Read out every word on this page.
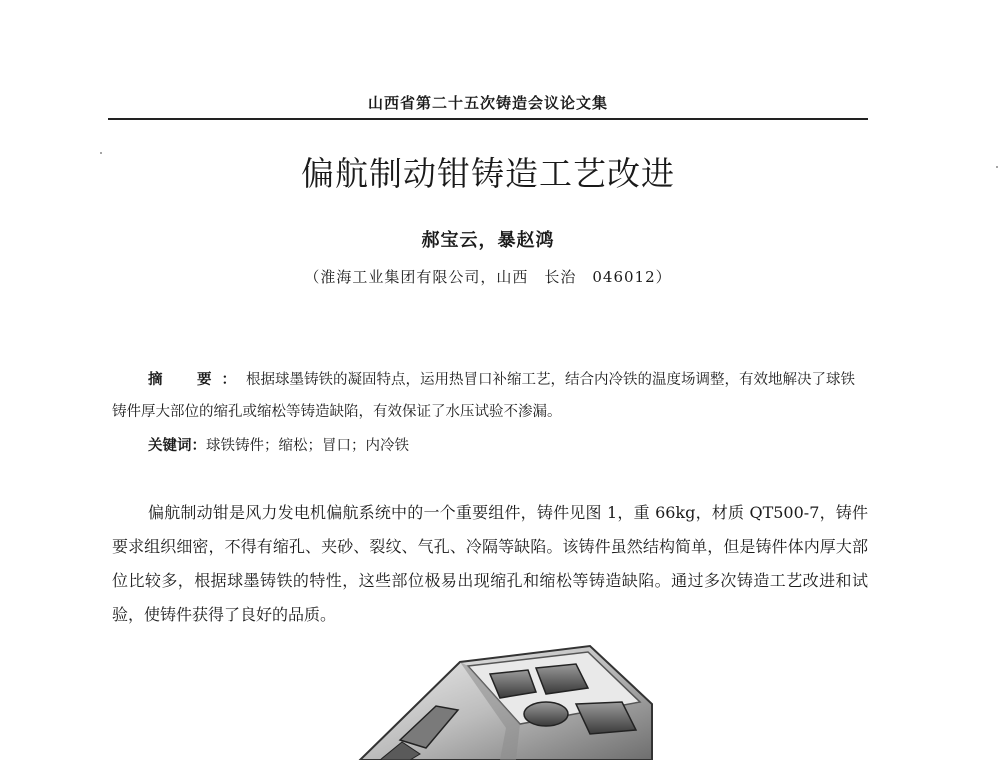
山西省第二十五次铸造会议论文集
偏航制动钳铸造工艺改进
郝宝云，暴赵鸿
（淮海工业集团有限公司，山西　长治　046012）
摘　要：根据球墨铸铁的凝固特点，运用热冒口补缩工艺，结合内冷铁的温度场调整，有效地解决了球铁铸件厚大部位的缩孔或缩松等铸造缺陷，有效保证了水压试验不渗漏。
关键词：球铁铸件；缩松；冒口；内冷铁
偏航制动钳是风力发电机偏航系统中的一个重要组件，铸件见图 1，重 66kg，材质 QT500-7，铸件要求组织细密，不得有缩孔、夹砂、裂纹、气孔、冷隔等缺陷。该铸件虽然结构简单，但是铸件体内厚大部位比较多，根据球墨铸铁的特性，这些部位极易出现缩孔和缩松等铸造缺陷。通过多次铸造工艺改进和试验，使铸件获得了良好的品质。
